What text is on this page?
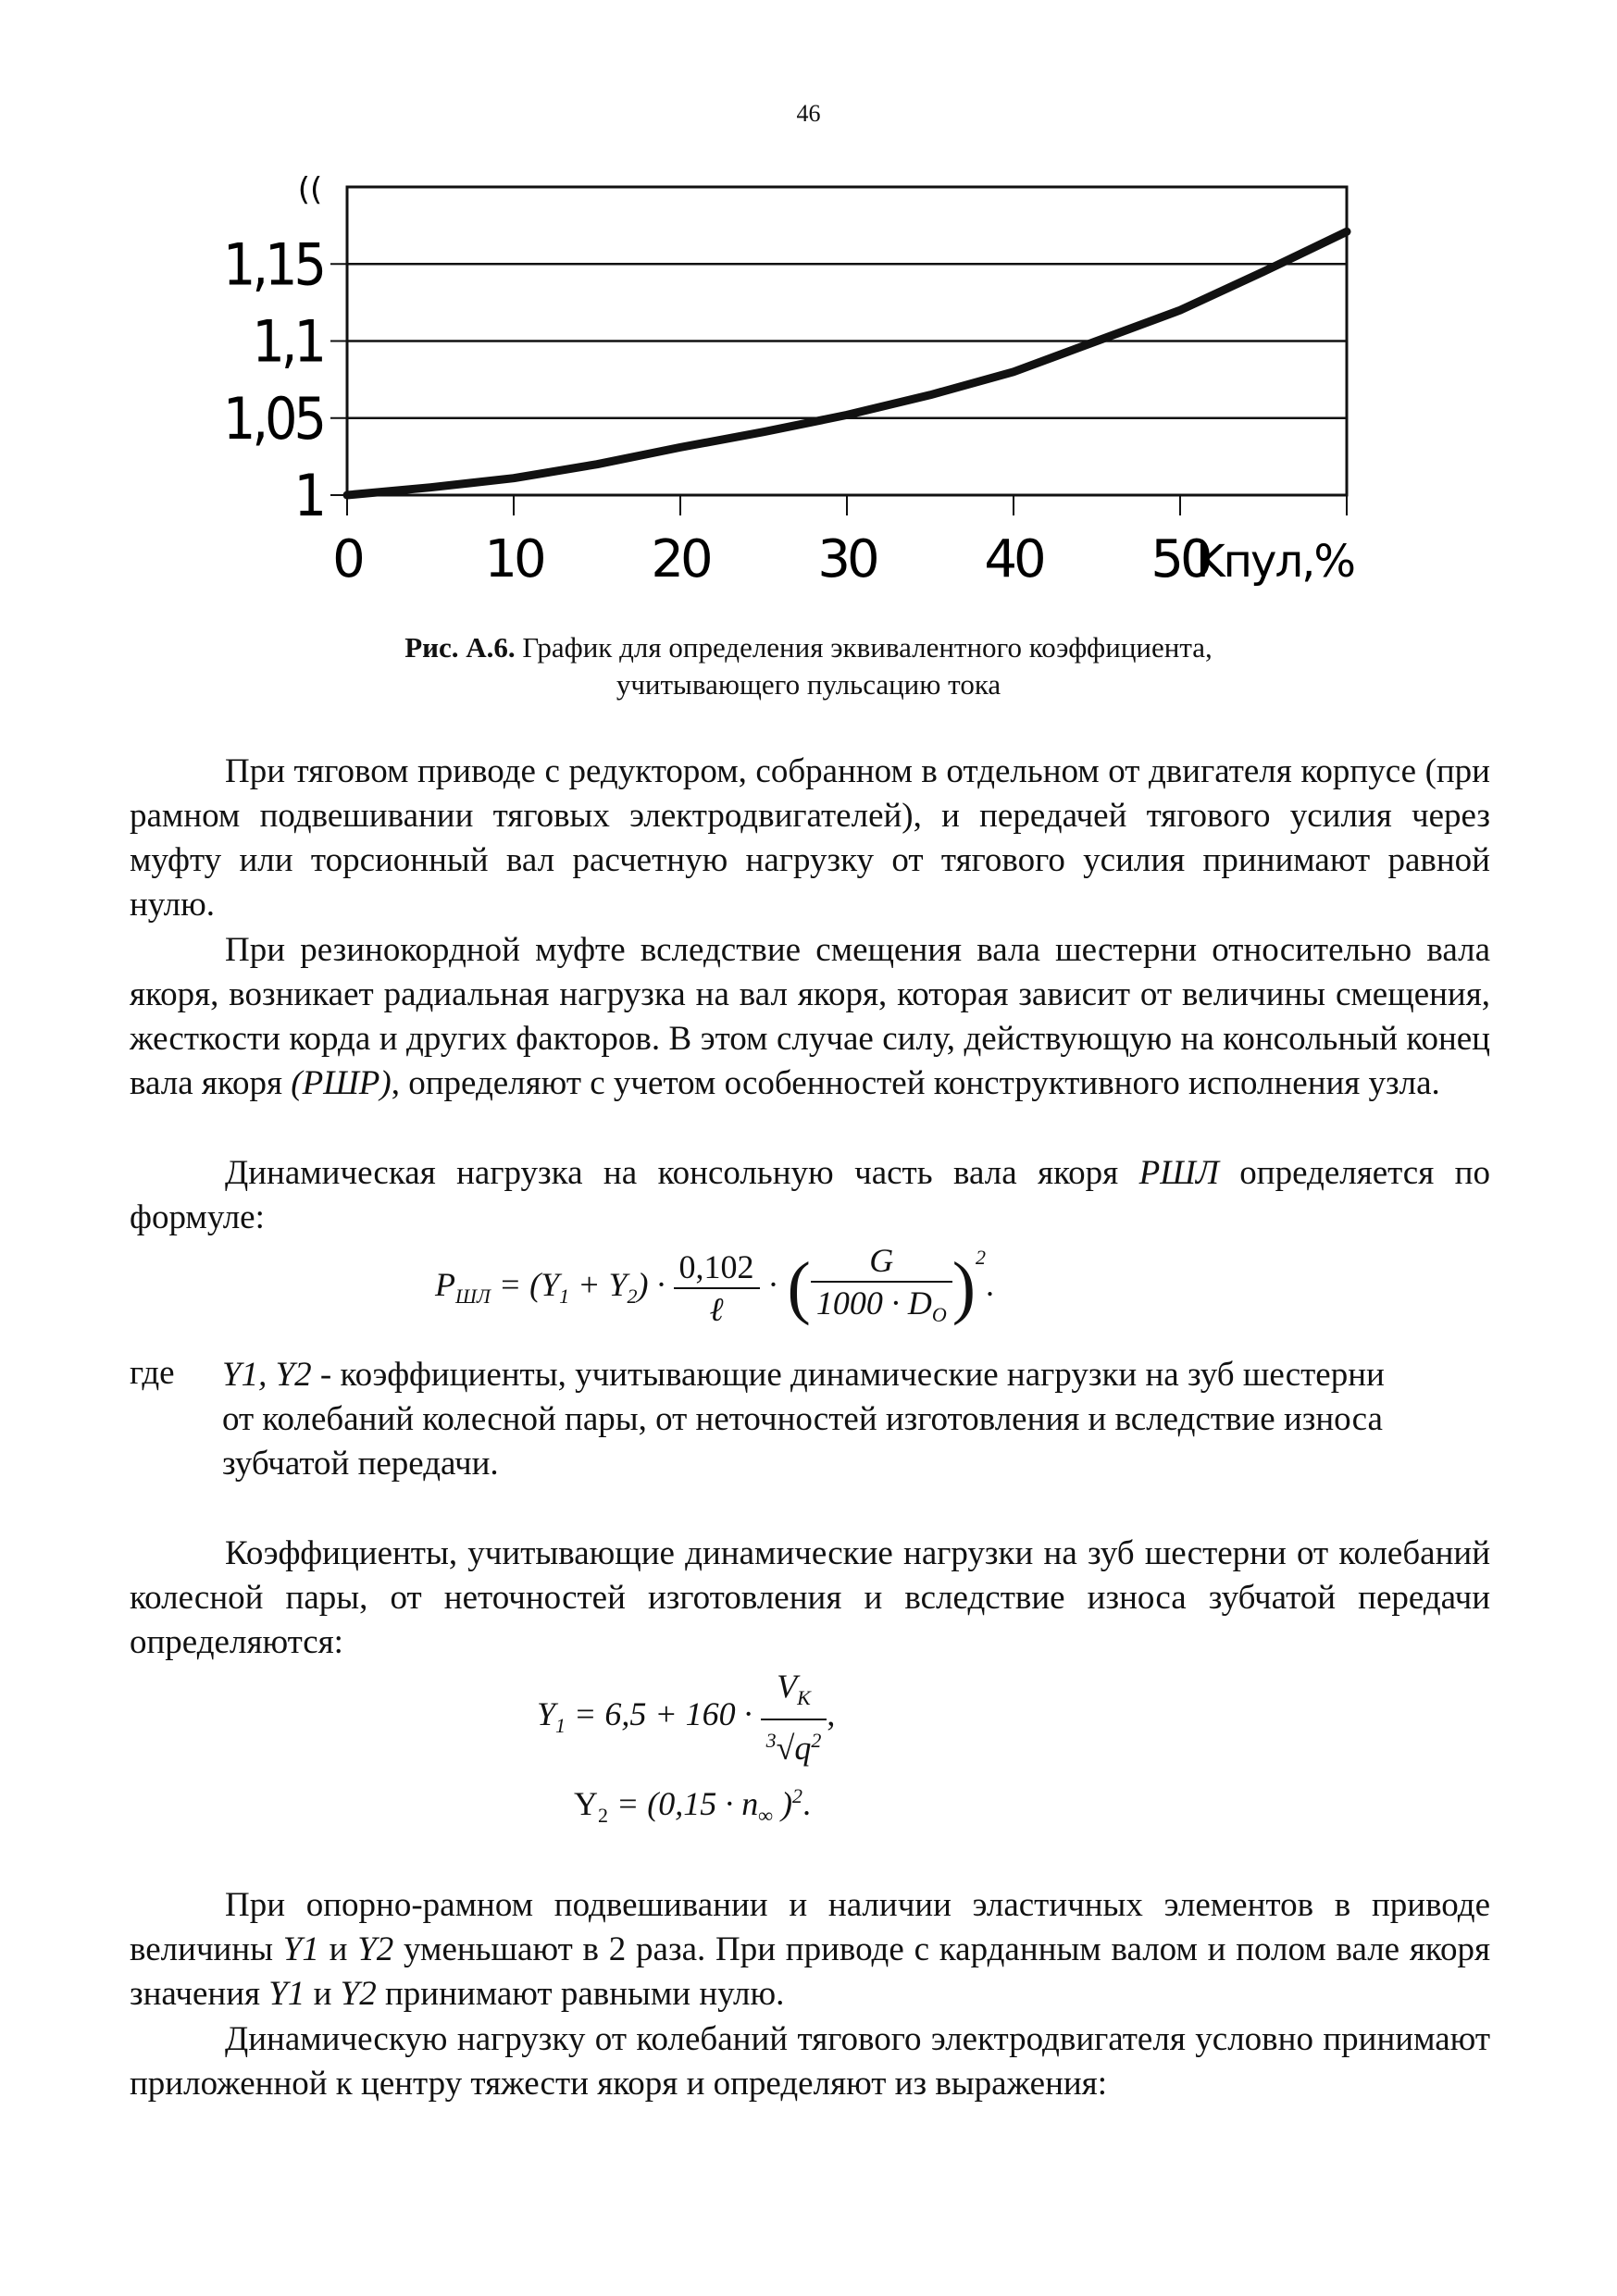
46
1
1,05
1,1
1,15
((
0 10 20 30 40 50
Kпул,%
Рис. А.6. График для определения эквивалентного коэффициента,
учитывающего пульсацию тока
При тяговом приводе с редуктором, собранном в отдельном от двигателя корпусе (при рамном подвешивании тяговых электродвигателей), и передачей тягового усилия через муфту или торсионный вал расчетную нагрузку от тягового усилия принимают равной нулю.
При резинокордной муфте вследствие смещения вала шестерни относительно вала якоря, возникает радиальная нагрузка на вал якоря, которая зависит от величины смещения, жесткости корда и других факторов. В этом случае силу, действующую на консольный конец вала якоря (PШР), определяют с учетом особенностей конструктивного исполнения узла.
Динамическая нагрузка на консольную часть вала якоря PШЛ определяется по формуле:
$P_{ШЛ} = (Y_1 + Y_2) \cdot \frac{0,102}{\text{ℓ}}$ · ( $\frac{G}{1000 \cdot D_O} )^2$.
где Y1, Y2 - коэффициенты, учитывающие динамические нагрузки на зуб шестерни от колебаний колесной пары, от неточностей изготовления и вследствие износа зубчатой передачи.
Коэффициенты, учитывающие динамические нагрузки на зуб шестерни от колебаний колесной пары, от неточностей изготовления и вследствие износа зубчатой передачи определяются:
$Y_1 = 6,5 + 160 \cdot \frac{V_K}{^3√q^2}$ ,
$Y_2 = (0,15 \cdot n_\infty$ )$^2$.
При опорно-рамном подвешивании и наличии эластичных элементов в приводе величины Y1 и Y2 уменьшают в 2 раза. При приводе с карданным валом и полом вале якоря значения Y1 и Y2 принимают равными нулю.
Динамическую нагрузку от колебаний тягового электродвигателя условно принимают приложенной к центру тяжести якоря и определяют из выражения:
